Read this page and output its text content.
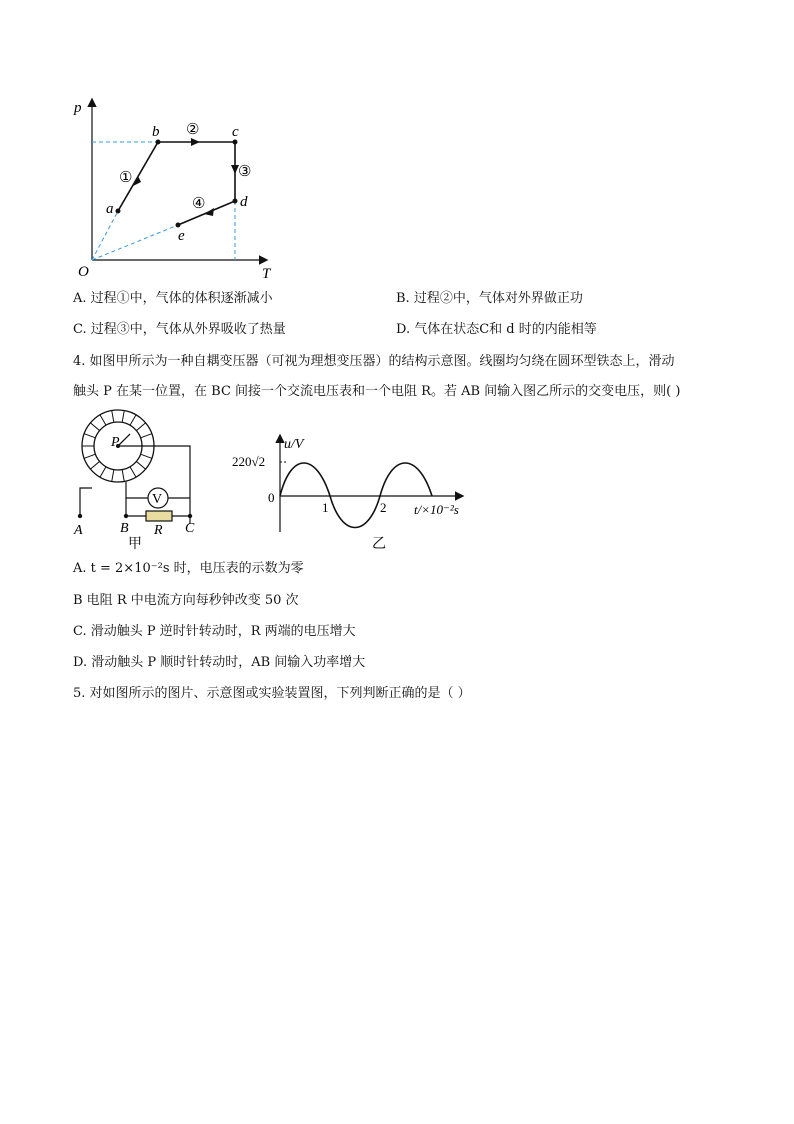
p
T
O
a
b	c
d
e
①
②
③
④
A. 过程①中，气体的体积逐渐减小	B. 过程②中，气体对外界做正功
C. 过程③中，气体从外界吸收了热量	D. 气体在状态C和 d 时的内能相等
4. 如图甲所示为一种自耦变压器（可视为理想变压器）的结构示意图。线圈均匀绕在圆环型铁态上，滑动
触头 P 在某一位置，在 BC 间接一个交流电压表和一个电阻 R。若 AB 间输入图乙所示的交变电压，则( )
V
P
A	B R C
甲
u/V
220√2
0
1	2 t/×10⁻²s
乙
A. t = 2×10⁻²s 时，电压表的示数为零
B 电阻 R 中电流方向每秒钟改变 50 次
C. 滑动触头 P 逆时针转动时，R 两端的电压增大
D. 滑动触头 P 顺时针转动时，AB 间输入功率增大
5. 对如图所示的图片、示意图或实验装置图，下列判断正确的是（ ）
